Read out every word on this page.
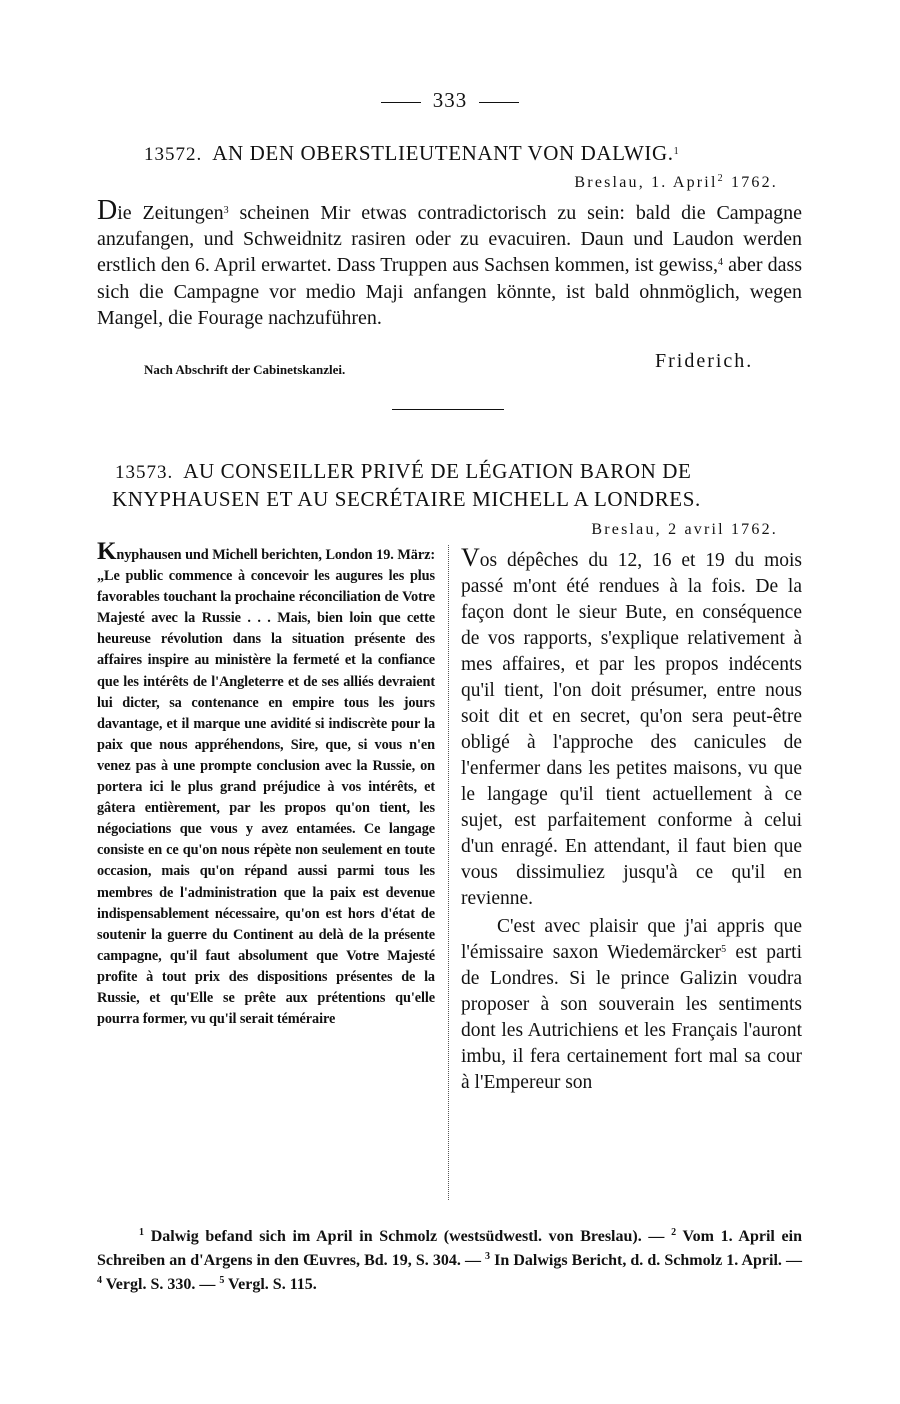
333
13572. AN DEN OBERSTLIEUTENANT VON DALWIG.$^1$
Breslau, 1. April$^2$ 1762.
Die Zeitungen$^3$ scheinen Mir etwas contradictorisch zu sein: bald die Campagne anzufangen, und Schweidnitz rasiren oder zu evacuiren. Daun und Laudon werden erstlich den 6. April erwartet. Dass Truppen aus Sachsen kommen, ist gewiss,$^4$ aber dass sich die Campagne vor medio Maji anfangen könnte, ist bald ohnmöglich, wegen Mangel, die Fourage nachzuführen.
Nach Abschrift der Cabinetskanzlei.	Friderich.
13573. AU CONSEILLER PRIVÉ DE LÉGATION BARON DE
KNYPHAUSEN ET AU SECRÉTAIRE MICHELL A LONDRES.
Breslau, 2 avril 1762.
Knyphausen und Michell berichten, London 19. März: „Le public commence à concevoir les augures les plus favorables touchant la prochaine réconciliation de Votre Majesté avec la Russie . . . Mais, bien loin que cette heureuse révolution dans la situation présente des affaires inspire au ministère la fermeté et la confiance que les intérêts de l'Angleterre et de ses alliés devraient lui dicter, sa contenance en empire tous les jours davantage, et il marque une avidité si indiscrète pour la paix que nous appréhendons, Sire, que, si vous n'en venez pas à une prompte conclusion avec la Russie, on portera ici le plus grand préjudice à vos intérêts, et gâtera entièrement, par les propos qu'on tient, les négociations que vous y avez entamées. Ce langage consiste en ce qu'on nous répète non seulement en toute occasion, mais qu'on répand aussi parmi tous les membres de l'administration que la paix est devenue indispensablement nécessaire, qu'on est hors d'état de soutenir la guerre du Continent au delà de la présente campagne, qu'il faut absolument que Votre Majesté profite à tout prix des dispositions présentes de la Russie, et qu'Elle se prête aux prétentions qu'elle pourra former, vu qu'il serait téméraire

Vos dépêches du 12, 16 et 19 du mois passé m'ont été rendues à la fois. De la façon dont le sieur Bute, en conséquence de vos rapports, s'explique relativement à mes affaires, et par les propos indécents qu'il tient, l'on doit présumer, entre nous soit dit et en secret, qu'on sera peut-être obligé à l'approche des canicules de l'enfermer dans les petites maisons, vu que le langage qu'il tient actuellement à ce sujet, est parfaitement conforme à celui d'un enragé. En attendant, il faut bien que vous dissimuliez jusqu'à ce qu'il en revienne.

C'est avec plaisir que j'ai appris que l'émissaire saxon Wiedemärcker$^5$ est parti de Londres. Si le prince Galizin voudra proposer à son souverain les sentiments dont les Autrichiens et les Français l'auront imbu, il fera certainement fort mal sa cour à l'Empereur son

$^1$ Dalwig befand sich im April in Schmolz (westsüdwestl. von Breslau). — $^2$ Vom 1. April ein Schreiben an d'Argens in den Œuvres, Bd. 19, S. 304. — $^3$ In Dalwigs Bericht, d. d. Schmolz 1. April. — $^4$ Vergl. S. 330. — $^5$ Vergl. S. 115.
